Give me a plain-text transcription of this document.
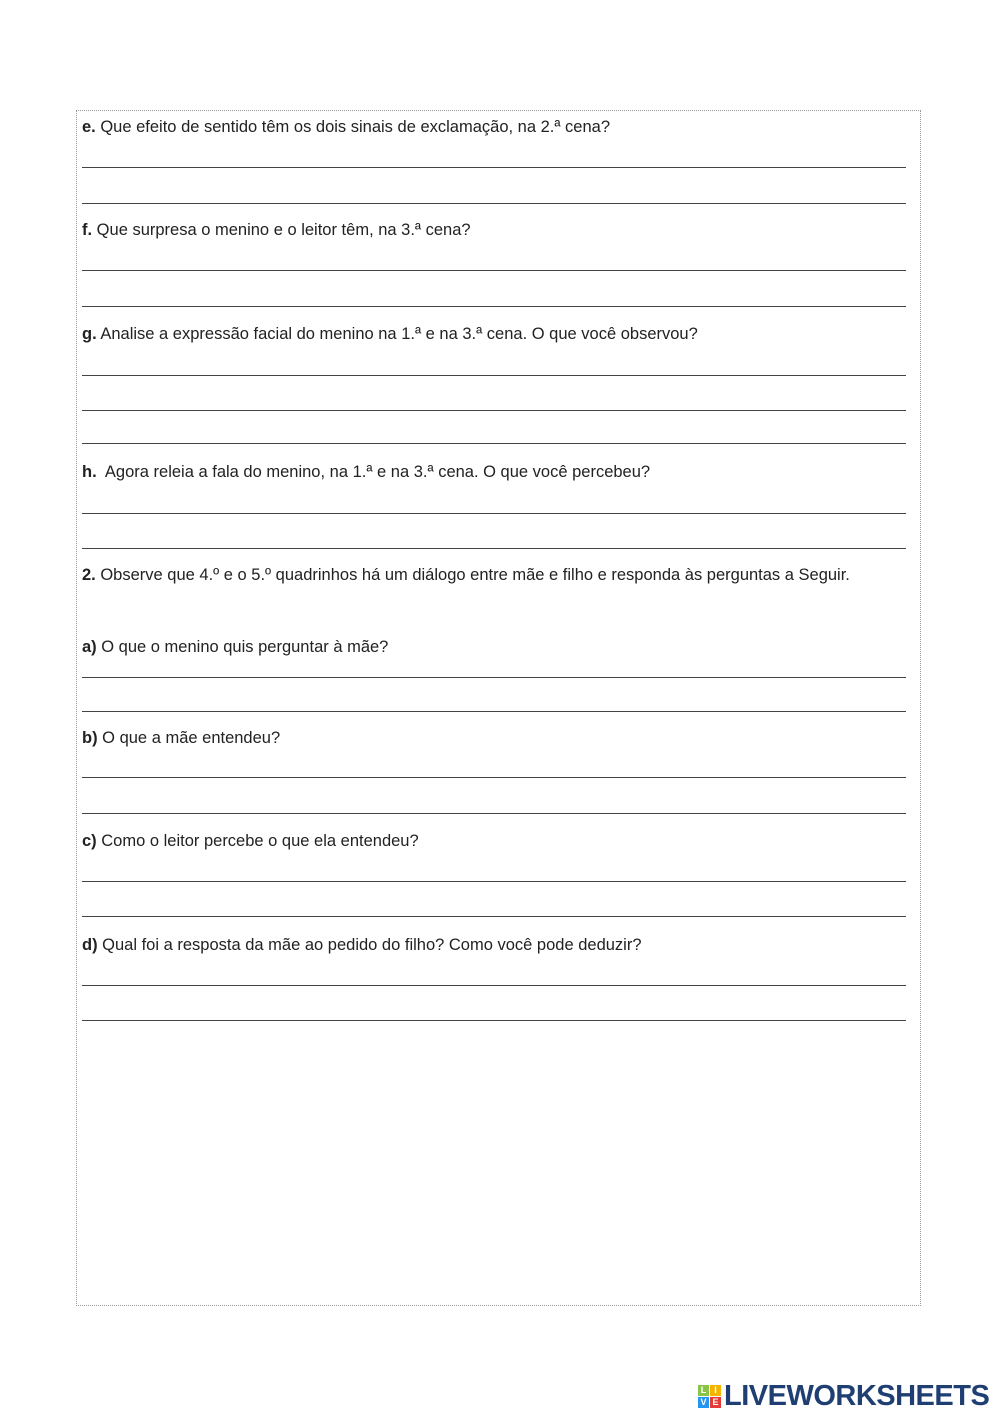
e. Que efeito de sentido têm os dois sinais de exclamação, na 2.ª cena?
f. Que surpresa o menino e o leitor têm, na 3.ª cena?
g. Analise a expressão facial do menino na 1.ª e na 3.ª cena. O que você observou?
h.  Agora releia a fala do menino, na 1.ª e na 3.ª cena. O que você percebeu?
2. Observe que 4.º e o 5.º quadrinhos há um diálogo entre mãe e filho e responda às perguntas a Seguir.
a) O que o menino quis perguntar à mãe?
b) O que a mãe entendeu?
c) Como o leitor percebe o que ela entendeu?
d) Qual foi a resposta da mãe ao pedido do filho? Como você pode deduzir?
L I
V E LIVEWORKSHEETS
